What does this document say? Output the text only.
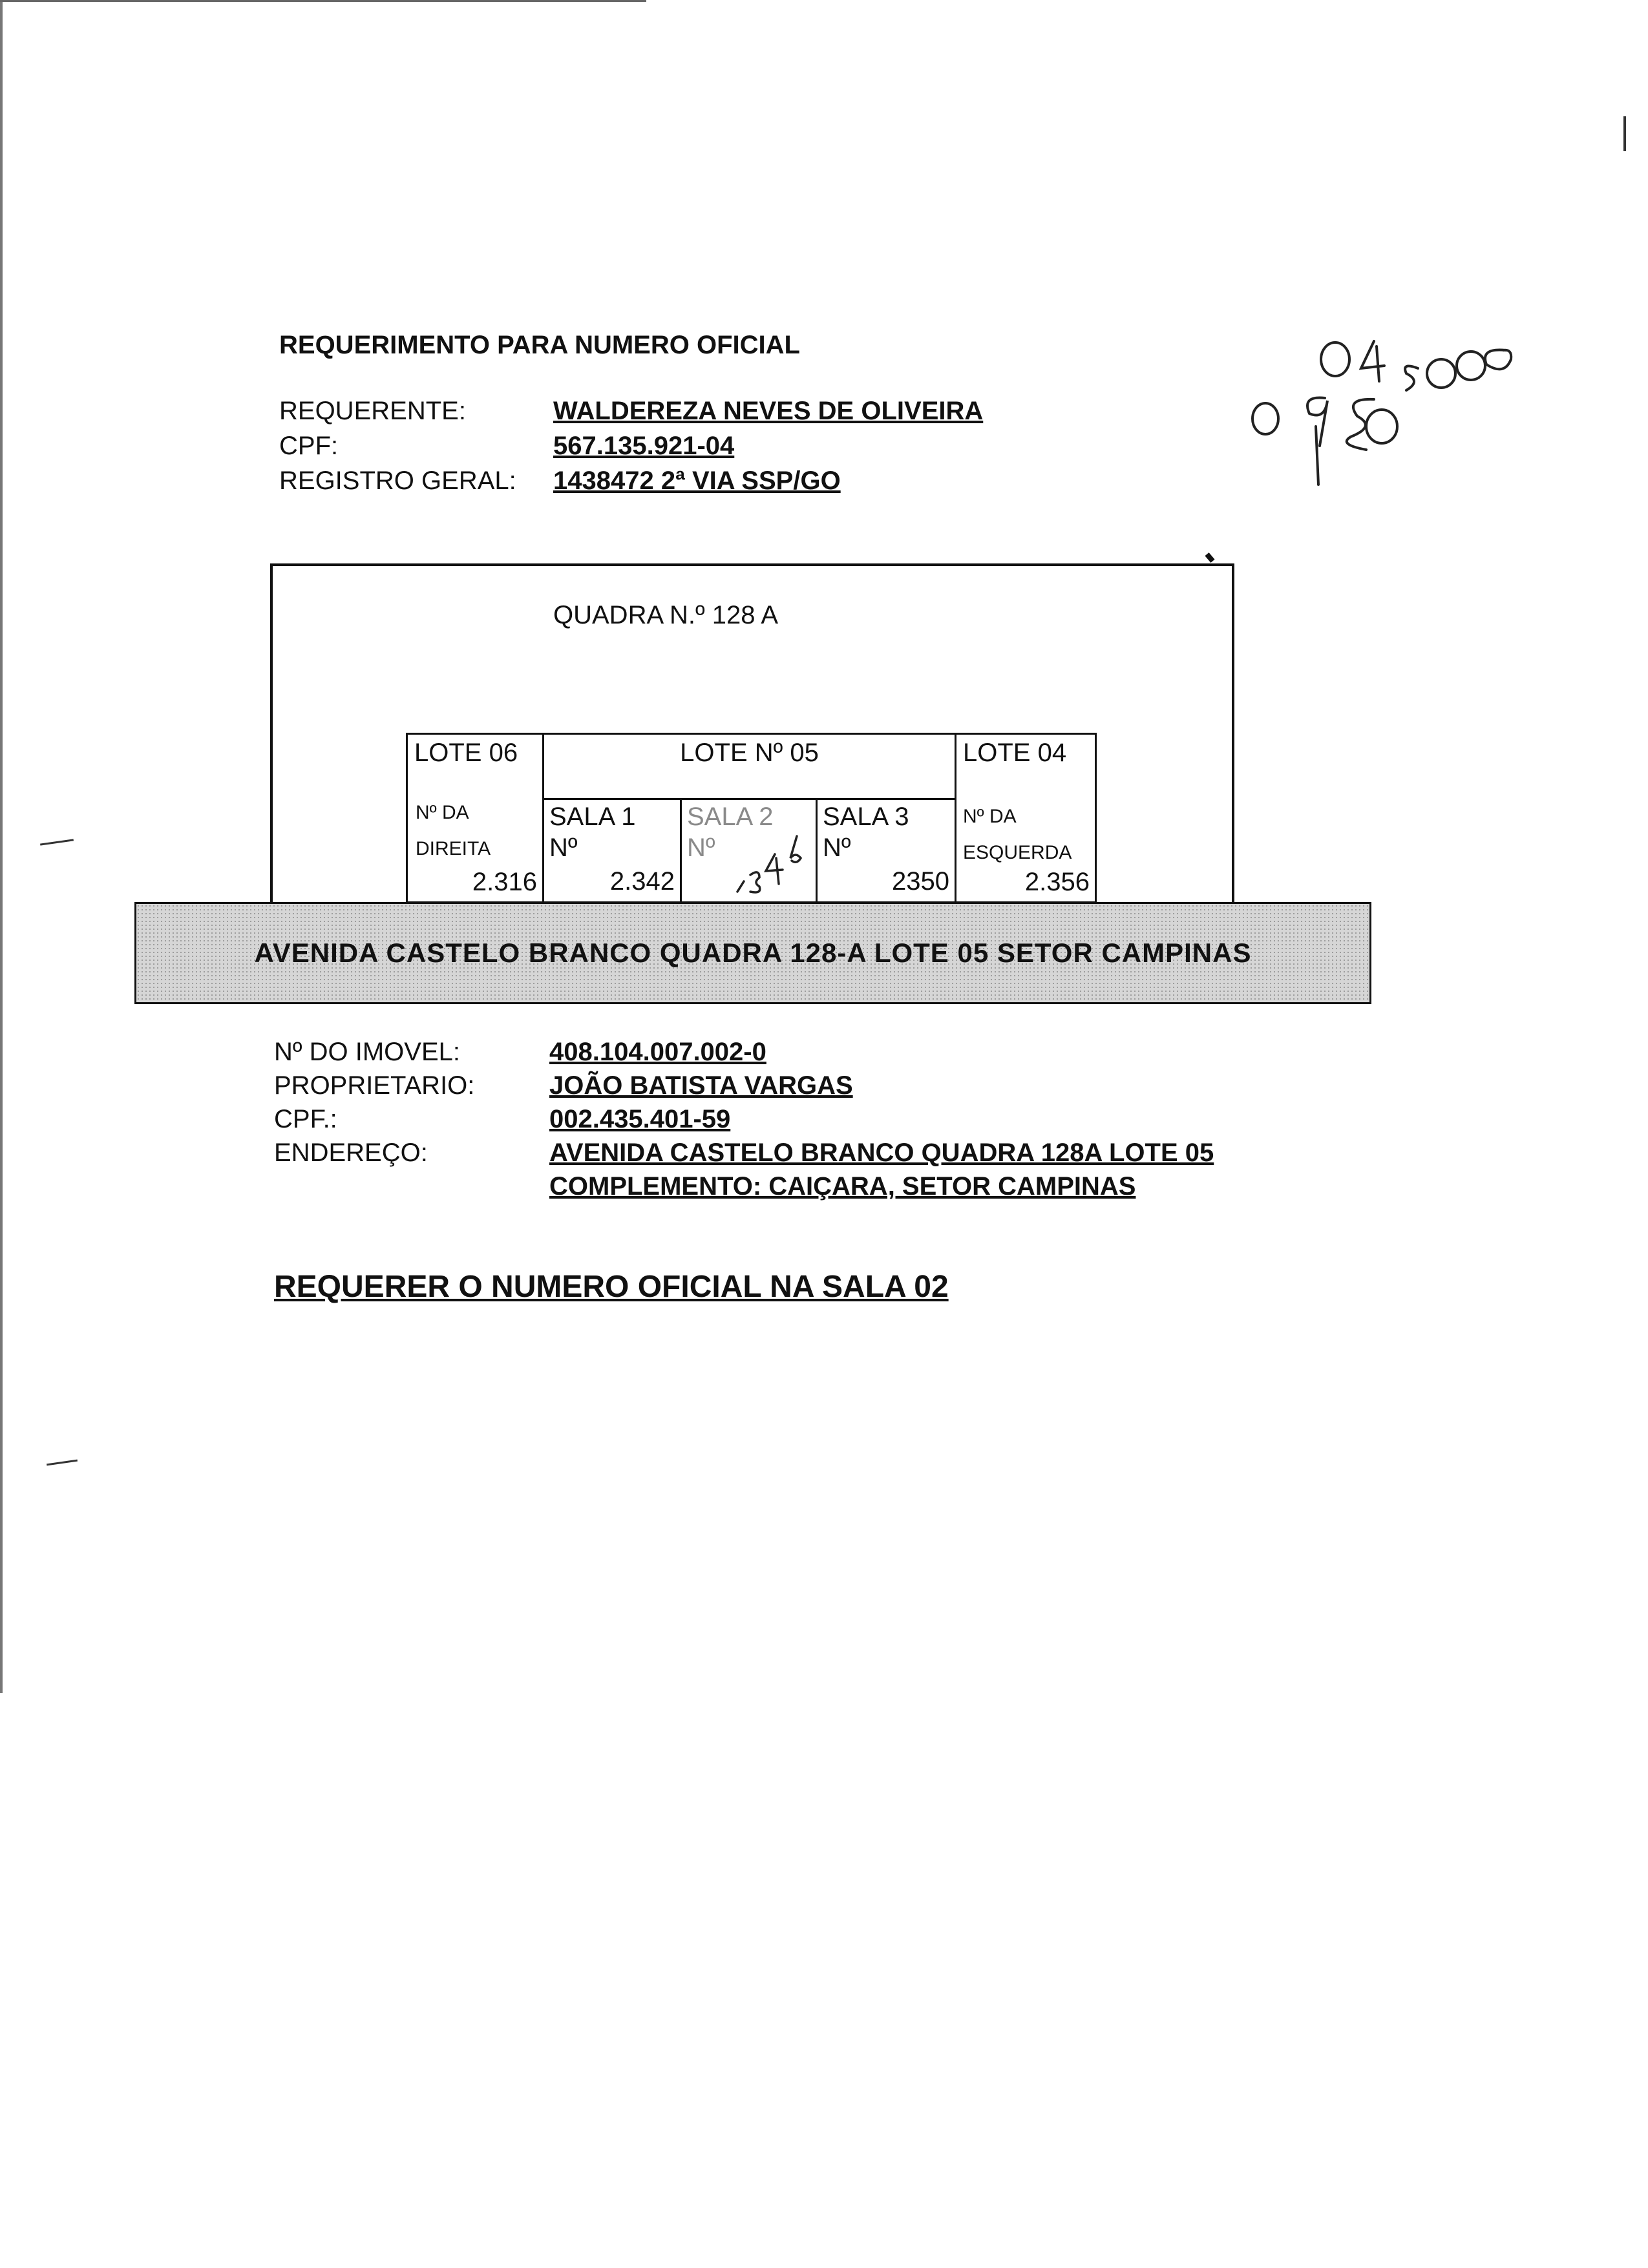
REQUERIMENTO PARA NUMERO OFICIAL
REQUERENTE:
CPF:
REGISTRO GERAL:
WALDEREZA NEVES DE OLIVEIRA
567.135.921-04
1438472 2ª VIA SSP/GO
QUADRA N.º 128 A
LOTE 06
Nº DA
DIREITA
2.316
LOTE Nº 05
SALA 1
Nº
2.342
SALA 2
Nº
SALA 3
Nº
2350
LOTE 04
Nº DA
ESQUERDA
2.356
AVENIDA CASTELO BRANCO QUADRA 128-A LOTE 05 SETOR CAMPINAS
Nº DO IMOVEL:
PROPRIETARIO:
CPF.:
ENDEREÇO:
408.104.007.002-0
JOÃO BATISTA VARGAS
002.435.401-59
AVENIDA CASTELO BRANCO QUADRA 128A LOTE 05
COMPLEMENTO: CAIÇARA, SETOR CAMPINAS
REQUERER O NUMERO OFICIAL NA SALA 02
